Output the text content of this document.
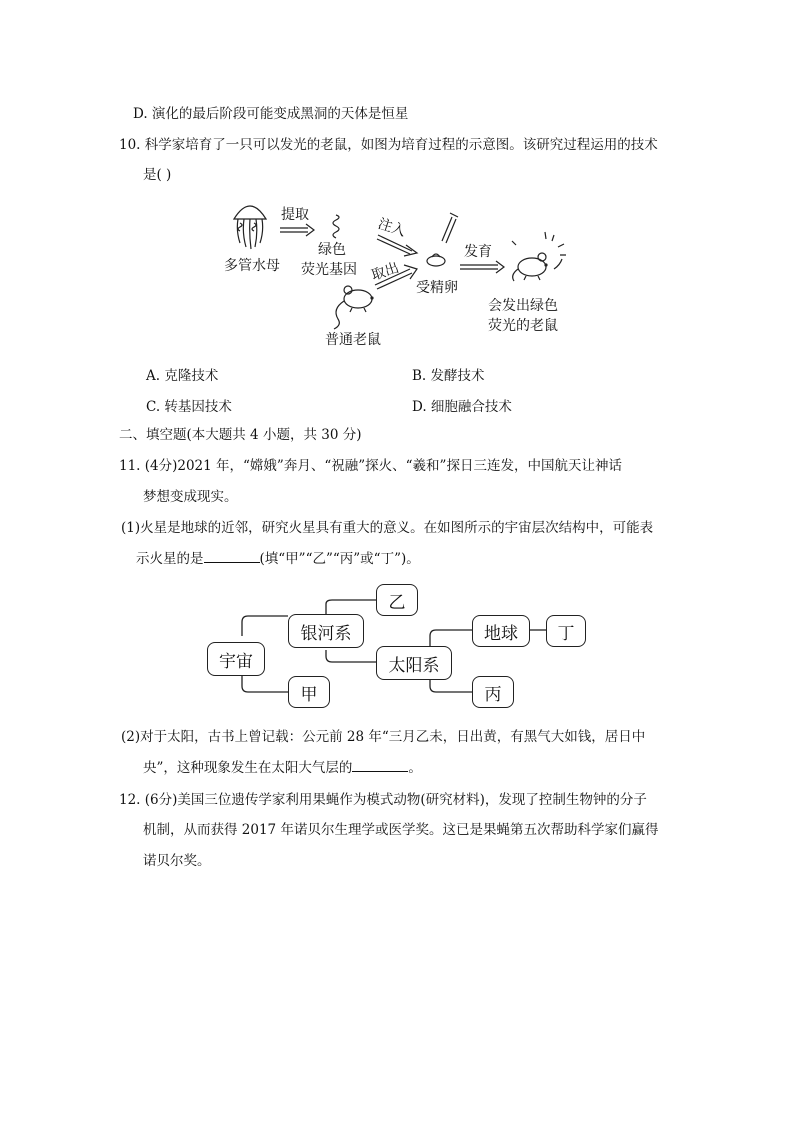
D. 演化的最后阶段可能变成黑洞的天体是恒星
10. 科学家培育了一只可以发光的老鼠，如图为培育过程的示意图。该研究过程运用的技术
是( )
提取
多管水母
绿色
荧光基因
注入
取出
受精卵
发育
普通老鼠
会发出绿色
荧光的老鼠
A. 克隆技术	B. 发酵技术
C. 转基因技术	D. 细胞融合技术
二、填空题(本大题共 4 小题，共 30 分)
11. (4分)2021 年，“嫦娥”奔月、“祝融”探火、“羲和”探日三连发，中国航天让神话
梦想变成现实。
(1)火星是地球的近邻，研究火星具有重大的意义。在如图所示的宇宙层次结构中，可能表
示火星的是	(填“甲”“乙”“丙”或“丁”)。
宇宙
银河系
甲
乙
太阳系
地球	丁
丙
(2)对于太阳，古书上曾记载：公元前 28 年“三月乙未，日出黄，有黑气大如钱，居日中
央”，这种现象发生在太阳大气层的	。
12. (6分)美国三位遗传学家利用果蝇作为模式动物(研究材料)，发现了控制生物钟的分子
机制，从而获得 2017 年诺贝尔生理学或医学奖。这已是果蝇第五次帮助科学家们赢得
诺贝尔奖。
